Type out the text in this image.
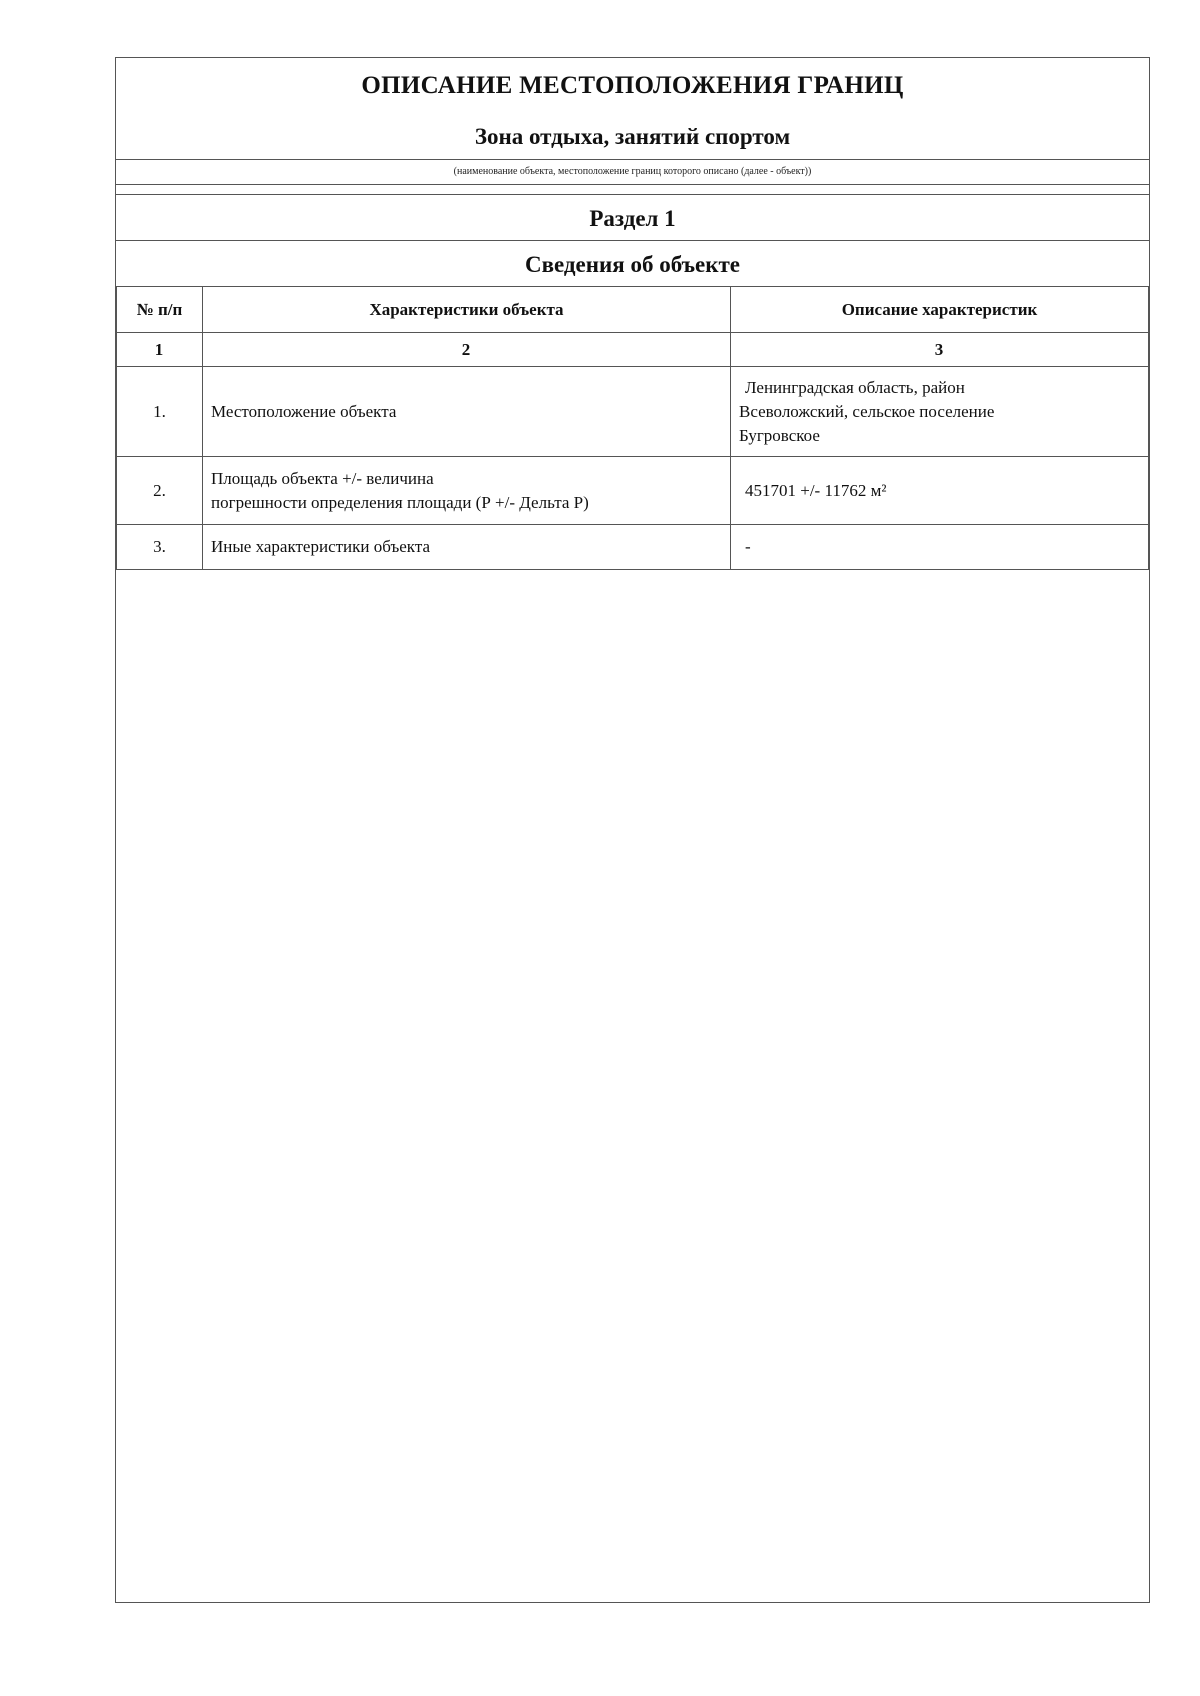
ОПИСАНИЕ МЕСТОПОЛОЖЕНИЯ ГРАНИЦ
Зона отдыха, занятий спортом
(наименование объекта, местоположение границ которого описано (далее - объект))
Раздел 1
Сведения об объекте
№ п/п	Характеристики объекта	Описание характеристик
1	2	3
1.	Местоположение объекта	Ленинградская область, район
Всеволожский, сельское поселение
Бугровское

2.	Площадь объекта +/- величина
погрешности определения площади (Р +/- Дельта Р)	451701 +/- 11762 м²

3.	Иные характеристики объекта	-
